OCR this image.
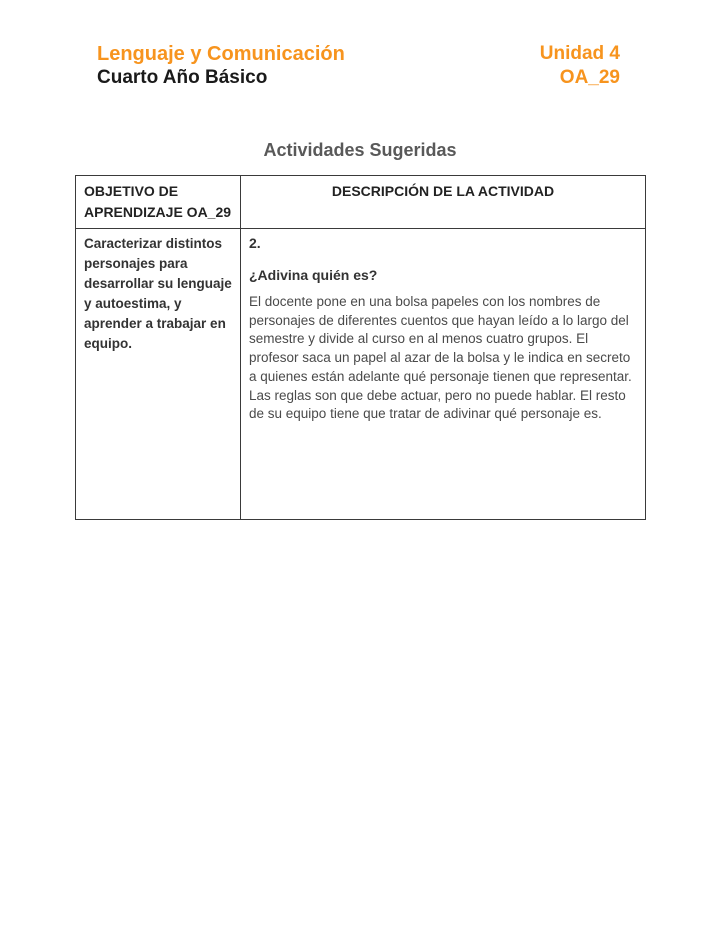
Lenguaje y Comunicación
Cuarto Año Básico
Unidad 4
OA_29
Actividades Sugeridas
OBJETIVO DE APRENDIZAJE OA_29	DESCRIPCIÓN DE LA ACTIVIDAD

Caracterizar distintos personajes para desarrollar su lenguaje y autoestima, y aprender a trabajar en equipo.	2.
¿Adivina quién es?
El docente pone en una bolsa papeles con los nombres de personajes de diferentes cuentos que hayan leído a lo largo del semestre y divide al curso en al menos cuatro grupos. El profesor saca un papel al azar de la bolsa y le indica en secreto a quienes están adelante qué personaje tienen que representar. Las reglas son que debe actuar, pero no puede hablar. El resto de su equipo tiene que tratar de adivinar qué personaje es.
